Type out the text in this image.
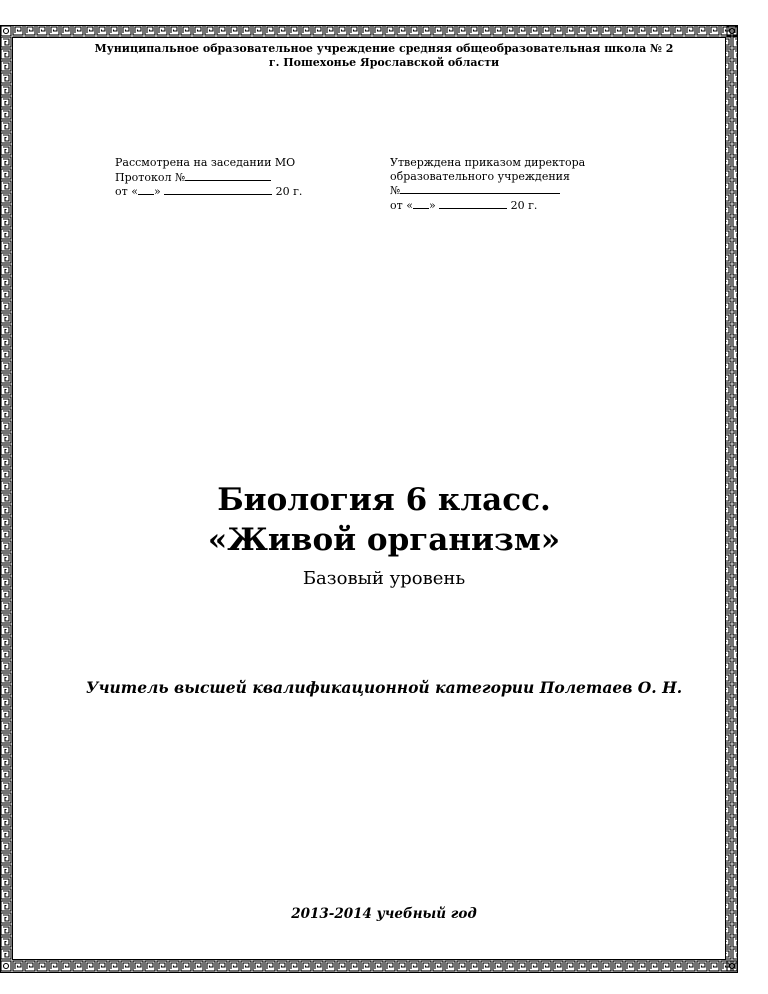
Муниципальное образовательное учреждение средняя общеобразовательная школа № 2
г. Пошехонье Ярославской области
Рассмотрена на заседании МО
Протокол №
от « »	20 г.
Утверждена приказом директора
образовательного учреждения
№
от « »	20 г.
Биология 6 класс.
«Живой организм»
Базовый уровень
Учитель высшей квалификационной категории Полетаев О. Н.
2013-2014 учебный год
